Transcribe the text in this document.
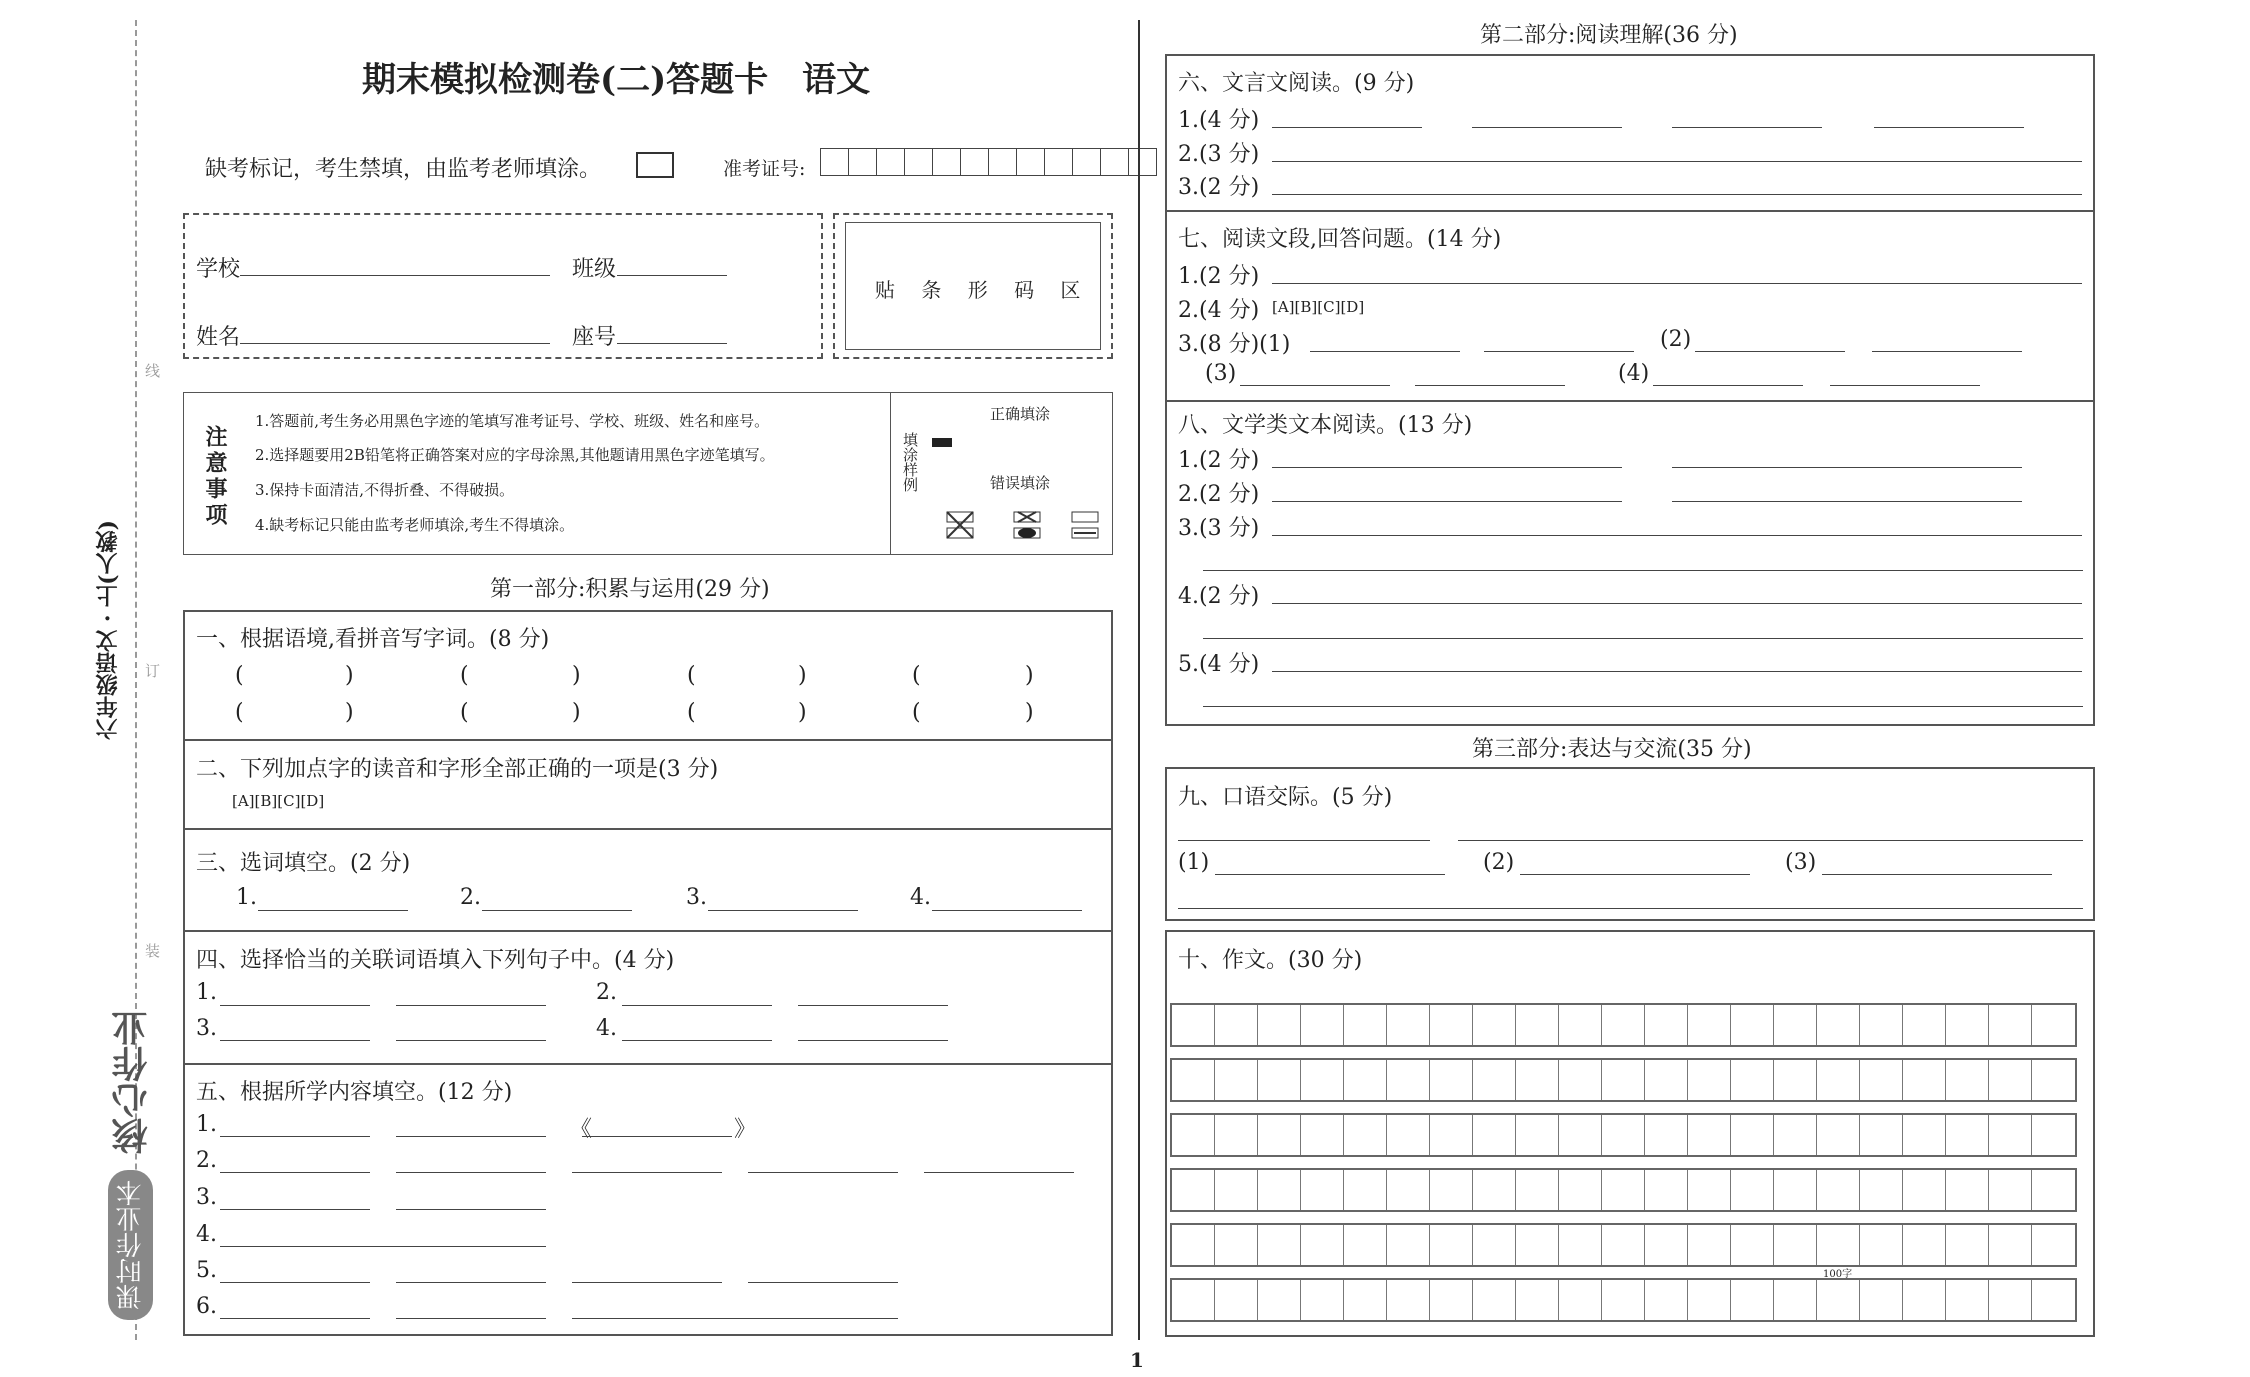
六年级语文 · 上(人教)
线
订
装
核心作业
课时作业本
期末模拟检测卷(二)答题卡　语文
缺考标记，考生禁填，由监考老师填涂。	准考证号:
学校	班级
姓名	座号
贴 条 形 码 区
注意事项
1.答题前,考生务必用黑色字迹的笔填写准考证号、学校、班级、姓名和座号。
2.选择题要用2B铅笔将正确答案对应的字母涂黑,其他题请用黑色字迹笔填写。
3.保持卡面清洁,不得折叠、不得破损。
4.缺考标记只能由监考老师填涂,考生不得填涂。
填涂样例
正确填涂
错误填涂
第一部分:积累与运用(29 分)
一、根据语境,看拼音写字词。(8 分)
(	)	(	)	(	)	(	)
(	)	(	)	(	)	(	)
二、下列加点字的读音和字形全部正确的一项是(3 分)
[A][B][C][D]
三、选词填空。(2 分)
1.	2.	3.	4.
四、选择恰当的关联词语填入下列句子中。(4 分)
1.	2.
3.	4.
五、根据所学内容填空。(12 分)
1.	《	》
2.
3.
4.
5.
6.
第二部分:阅读理解(36 分)
六、文言文阅读。(9 分)
1.(4 分)
2.(3 分)
3.(2 分)
七、阅读文段,回答问题。(14 分)
1.(2 分)
2.(4 分) [A][B][C][D]
3.(8 分)(1)	(2)
(3)	(4)
八、文学类文本阅读。(13 分)
1.(2 分)
2.(2 分)
3.(3 分)
4.(2 分)
5.(4 分)
第三部分:表达与交流(35 分)
九、口语交际。(5 分)
(1)	(2)	(3)
十、作文。(30 分)
100字
1
